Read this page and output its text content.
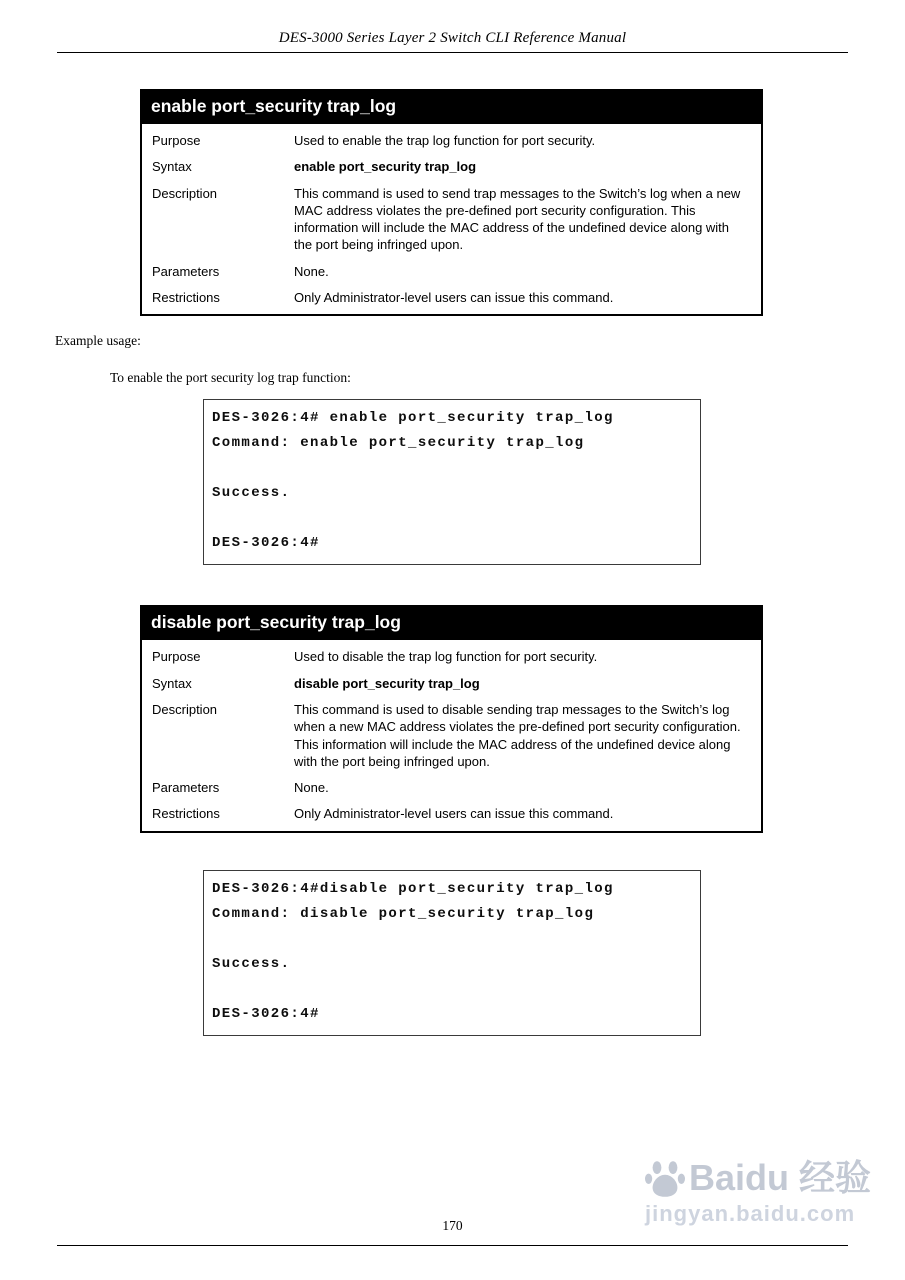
DES-3000 Series Layer 2 Switch CLI Reference Manual
enable port_security trap_log
Purpose	Used to enable the trap log function for port security.
Syntax	enable port_security trap_log
Description	This command is used to send trap messages to the Switch’s log when a new MAC address violates the pre-defined port security configuration. This information will include the MAC address of the undefined device along with the port being infringed upon.
Parameters	None.
Restrictions	Only Administrator-level users can issue this command.
Example usage:
To enable the port security log trap function:
DES-3026:4# enable port_security trap_log
Command: enable port_security trap_log
Success.
DES-3026:4#
disable port_security trap_log
Purpose	Used to disable the trap log function for port security.
Syntax	disable port_security trap_log
Description	This command is used to disable sending trap messages to the Switch’s log when a new MAC address violates the pre-defined port security configuration. This information will include the MAC address of the undefined device along with the port being infringed upon.
Parameters	None.
Restrictions	Only Administrator-level users can issue this command.
DES-3026:4#disable port_security trap_log
Command: disable port_security trap_log
Success.
DES-3026:4#
Baidu 经验
jingyan.baidu.com
170
